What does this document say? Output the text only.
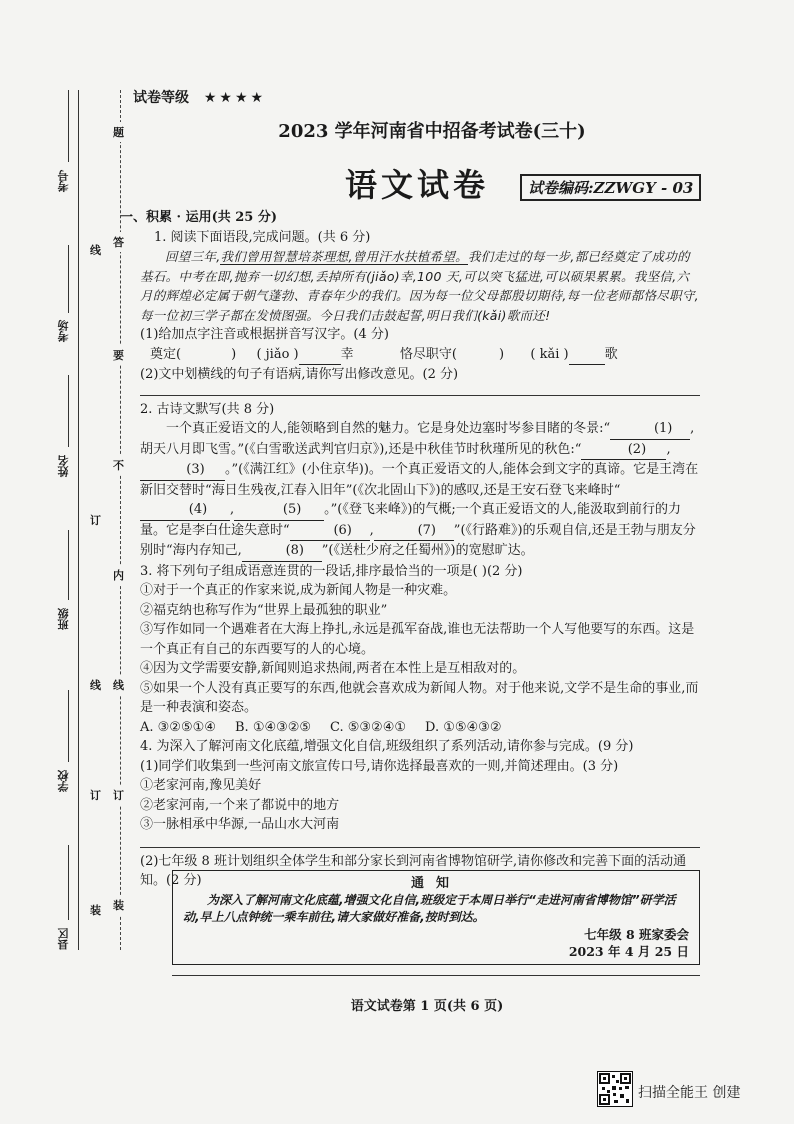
题
答
要
不
内
线
订
装
线
订
线
订
装
考号
考场
姓名
班级
学校
县区
试卷等级 ★★★★
2023 学年河南省中招备考试卷(三十)
语文试卷	试卷编码:ZZWGY - 03

一、积累 · 运用(共 25 分)

1. 阅读下面语段,完成问题。(共 6 分)

回望三年,我们曾用智慧培茶理想,曾用汗水扶植希望。我们走过的每一步,都已经奠定了成功的基石。中考在即,抛弃一切幻想,丢掉所有(jiǎo)幸,100 天,可以突飞猛进,可以硕果累累。我坚信,六月的辉煌必定属于朝气蓬勃、青春年少的我们。因为每一位父母都殷切期待,每一位老师都恪尽职守,每一位初三学子都在发愤图强。今日我们击鼓起誓,明日我们(kǎi)歌而还!

(1)给加点字注音或根据拼音写汉字。(4 分)

奠定(	) ( jiǎo )	幸	恪尽职守(	) ( kǎi )	歌

(2)文中划横线的句子有语病,请你写出修改意见。(2 分)

2. 古诗文默写(共 8 分)

一个真正爱语文的人,能领略到自然的魅力。它是身处边塞时岑参目睹的冬景:“	(1) ,胡天八月即飞雪。”(《白雪歌送武判官归京》),还是中秋佳节时秋瑾所见的秋色:“	(2) ,(3) 。”(《满江红》(小住京华))。一个真正爱语文的人,能体会到文字的真谛。它是王湾在新旧交替时“海日生残夜,江春入旧年”(《次北固山下》)的感叹,还是王安石登飞来峰时“(4) ,	(5) 。”(《登飞来峰》)的气概;一个真正爱语文的人,能汲取到前行的力量。它是李白仕途失意时“	(6) ,	(7) ”(《行路难》)的乐观自信,还是王勃与朋友分别时“海内存知己,	(8) ”(《送杜少府之任蜀州》)的宽慰旷达。

3. 将下列句子组成语意连贯的一段话,排序最恰当的一项是( )(2 分)

①对于一个真正的作家来说,成为新闻人物是一种灾难。

②福克纳也称写作为“世界上最孤独的职业”

③写作如同一个遇难者在大海上挣扎,永远是孤军奋战,谁也无法帮助一个人写他要写的东西。这是一个真正有自己的东西要写的人的心境。

④因为文学需要安静,新闻则追求热闹,两者在本性上是互相敌对的。

⑤如果一个人没有真正要写的东西,他就会喜欢成为新闻人物。对于他来说,文学不是生命的事业,而是一种表演和姿态。

A. ③②⑤①④ B. ①④③②⑤ C. ⑤③②④① D. ①⑤④③②

4. 为深入了解河南文化底蕴,增强文化自信,班级组织了系列活动,请你参与完成。(9 分)

(1)同学们收集到一些河南文旅宣传口号,请你选择最喜欢的一则,并简述理由。(3 分)

①老家河南,豫见美好

②老家河南,一个来了都说中的地方

③一脉相承中华源,一品山水大河南

(2)七年级 8 班计划组织全体学生和部分家长到河南省博物馆研学,请你修改和完善下面的活动通知。(2 分)	通知
为深入了解河南文化底蕴,增强文化自信,班级定于本周日举行“走进河南省博物馆”研学活动,早上八点钟统一乘车前往,请大家做好准备,按时到达。
七年级 8 班家委会
2023 年 4 月 25 日
语文试卷第 1 页(共 6 页)
扫描全能王 创建
